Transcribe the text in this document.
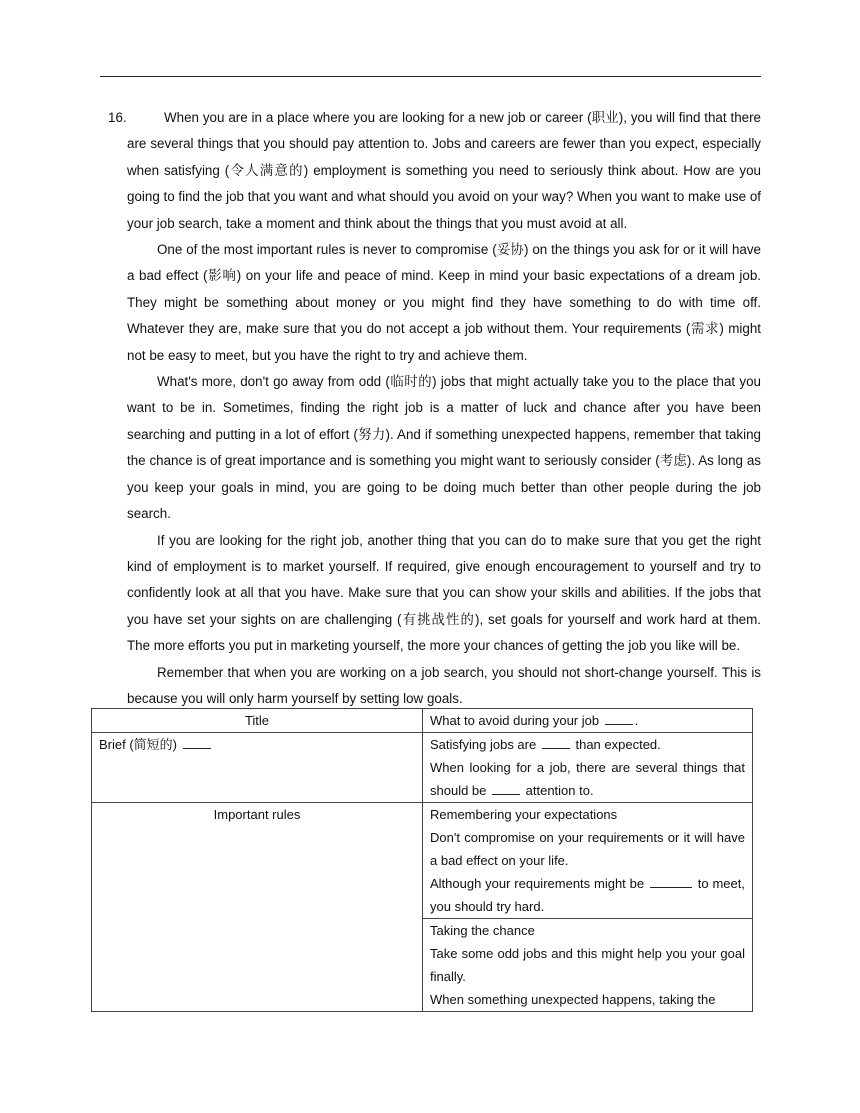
16.	When you are in a place where you are looking for a new job or career (职业), you will find that there are several things that you should pay attention to. Jobs and careers are fewer than you expect, especially when satisfying (令人满意的) employment is something you need to seriously think about. How are you going to find the job that you want and what should you avoid on your way? When you want to make use of your job search, take a moment and think about the things that you must avoid at all.

One of the most important rules is never to compromise (妥协) on the things you ask for or it will have a bad effect (影响) on your life and peace of mind. Keep in mind your basic expectations of a dream job. They might be something about money or you might find they have something to do with time off. Whatever they are, make sure that you do not accept a job without them. Your requirements (需求) might not be easy to meet, but you have the right to try and achieve them.

What's more, don't go away from odd (临时的) jobs that might actually take you to the place that you want to be in. Sometimes, finding the right job is a matter of luck and chance after you have been searching and putting in a lot of effort (努力). And if something unexpected happens, remember that taking the chance is of great importance and is something you might want to seriously consider (考虑). As long as you keep your goals in mind, you are going to be doing much better than other people during the job search.

If you are looking for the right job, another thing that you can do to make sure that you get the right kind of employment is to market yourself. If required, give enough encouragement to yourself and try to confidently look at all that you have. Make sure that you can show your skills and abilities. If the jobs that you have set your sights on are challenging (有挑战性的), set goals for yourself and work hard at them. The more efforts you put in marketing yourself, the more your chances of getting the job you like will be.

Remember that when you are working on a job search, you should not short-change yourself. This is because you will only harm yourself by setting low goals.

Title	What to avoid during your job .
Brief (简短的)	Satisfying jobs are than expected.
When looking for a job, there are several things that should be attention to.

Important rules	Remembering your expectations
Don't compromise on your requirements or it will have a bad effect on your life.
Although your requirements might be to meet, you should try hard.

	Taking the chance
Take some odd jobs and this might help you your goal finally.
When something unexpected happens, taking the
